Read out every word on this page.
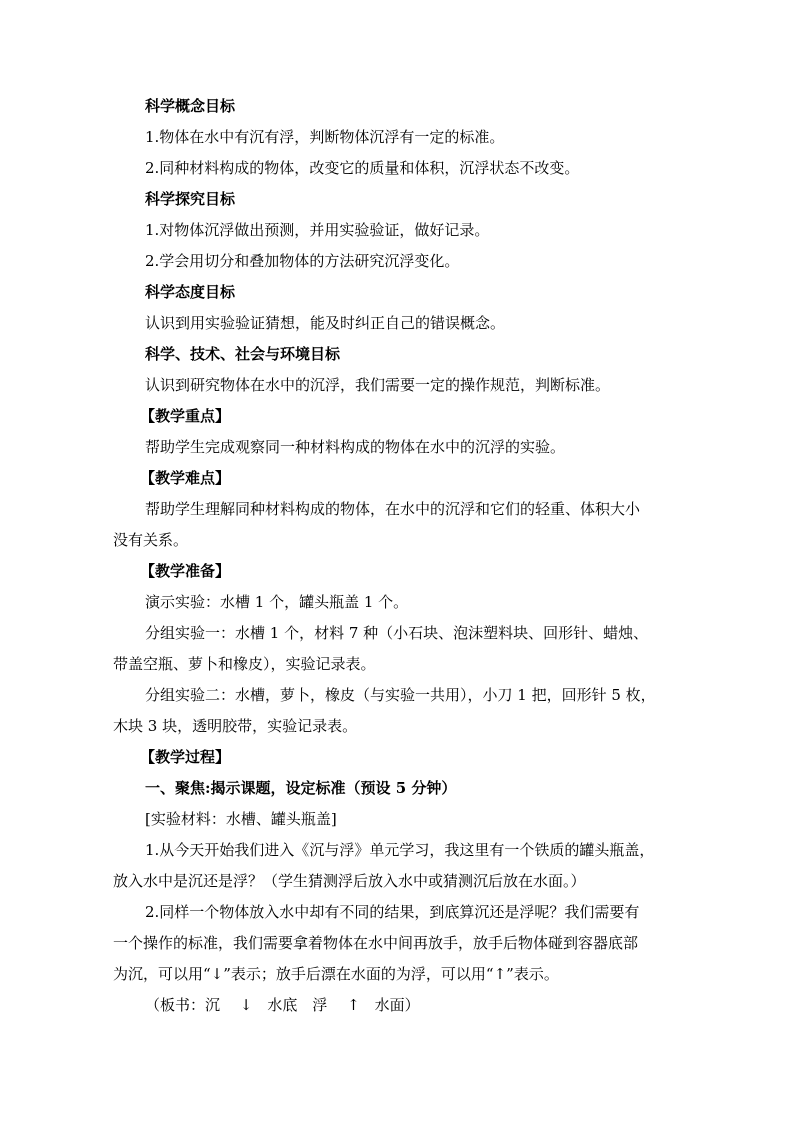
科学概念目标
1.物体在水中有沉有浮，判断物体沉浮有一定的标准。
2.同种材料构成的物体，改变它的质量和体积，沉浮状态不改变。
科学探究目标
1.对物体沉浮做出预测，并用实验验证，做好记录。
2.学会用切分和叠加物体的方法研究沉浮变化。
科学态度目标
认识到用实验验证猜想，能及时纠正自己的错误概念。
科学、技术、社会与环境目标
认识到研究物体在水中的沉浮，我们需要一定的操作规范，判断标准。
【教学重点】
帮助学生完成观察同一种材料构成的物体在水中的沉浮的实验。
【教学难点】
帮助学生理解同种材料构成的物体，在水中的沉浮和它们的轻重、体积大小
没有关系。
【教学准备】
演示实验：水槽 1 个，罐头瓶盖 1 个。
分组实验一：水槽 1 个，材料 7 种（小石块、泡沫塑料块、回形针、蜡烛、
带盖空瓶、萝卜和橡皮），实验记录表。
分组实验二：水槽，萝卜，橡皮（与实验一共用），小刀 1 把，回形针 5 枚，
木块 3 块，透明胶带，实验记录表。
【教学过程】
一、聚焦:揭示课题，设定标准（预设 5 分钟）
[实验材料：水槽、罐头瓶盖]
1.从今天开始我们进入《沉与浮》单元学习，我这里有一个铁质的罐头瓶盖，
放入水中是沉还是浮？（学生猜测浮后放入水中或猜测沉后放在水面。）
2.同样一个物体放入水中却有不同的结果，到底算沉还是浮呢？我们需要有
一个操作的标准，我们需要拿着物体在水中间再放手，放手后物体碰到容器底部
为沉，可以用“↓”表示；放手后漂在水面的为浮，可以用“↑”表示。
（板书：沉　 ↓　水底　浮　 ↑　水面）
